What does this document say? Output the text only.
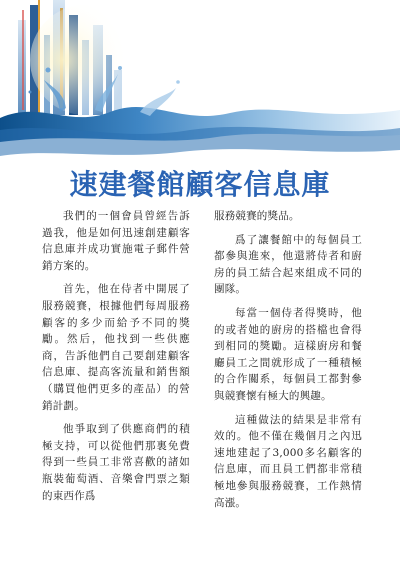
速建餐館顧客信息庫

我們的一個會員曾經告訴過我，他是如何迅速創建顧客信息庫并成功實施電子郵件營銷方案的。

首先，他在侍者中開展了服務競賽，根據他們每周服務顧客的多少而給予不同的獎勵。然后，他找到一些供應商，告訴他們自己要創建顧客信息庫、提高客流量和銷售額（購買他們更多的產品）的營銷計劃。

他爭取到了供應商們的積極支持，可以從他們那裏免費得到一些員工非常喜歡的諸如瓶裝葡萄酒、音樂會門票之類的東西作爲

服務競賽的獎品。

爲了讓餐館中的每個員工都參與進來，他還將侍者和廚房的員工結合起來組成不同的團隊。

每當一個侍者得獎時，他的或者她的廚房的搭檔也會得到相同的獎勵。這樣廚房和餐廳員工之間就形成了一種積極的合作關系，每個員工都對參與競賽懷有極大的興趣。

這種做法的結果是非常有效的。他不僅在幾個月之內迅速地建起了3,000多名顧客的信息庫，而且員工們都非常積極地參與服務競賽，工作熱情高漲。
